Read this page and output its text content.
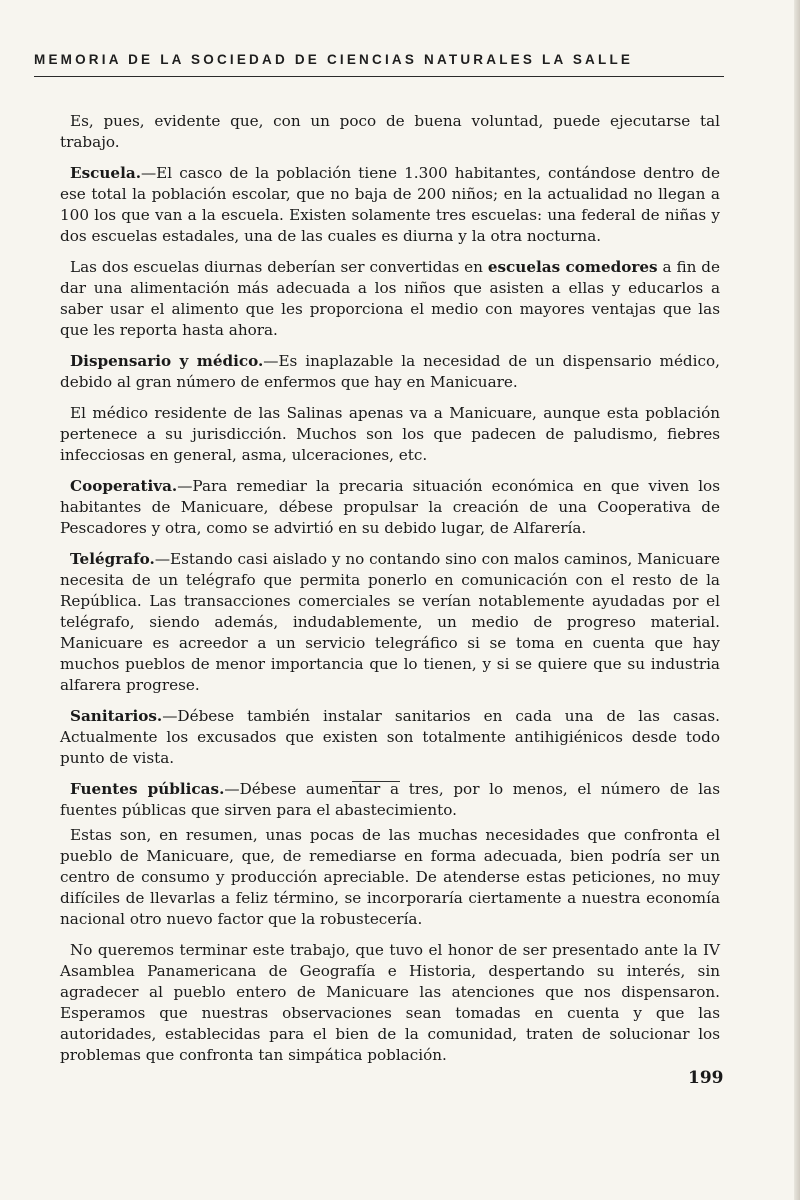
MEMORIA DE LA SOCIEDAD DE CIENCIAS NATURALES LA SALLE

Es, pues, evidente que, con un poco de buena voluntad, puede ejecutarse tal trabajo.

Escuela.—El casco de la población tiene 1.300 habitantes, contándose dentro de ese total la población escolar, que no baja de 200 niños; en la actualidad no llegan a 100 los que van a la escuela. Existen solamente tres escuelas: una federal de niñas y dos escuelas estadales, una de las cuales es diurna y la otra nocturna.

Las dos escuelas diurnas deberían ser convertidas en escuelas comedores a fin de dar una alimentación más adecuada a los niños que asisten a ellas y educarlos a saber usar el alimento que les proporciona el medio con mayores ventajas que las que les reporta hasta ahora.

Dispensario y médico.—Es inaplazable la necesidad de un dispensario médico, debido al gran número de enfermos que hay en Manicuare.

El médico residente de las Salinas apenas va a Manicuare, aunque esta población pertenece a su jurisdicción. Muchos son los que padecen de paludismo, fiebres infecciosas en general, asma, ulceraciones, etc.

Cooperativa.—Para remediar la precaria situación económica en que viven los habitantes de Manicuare, débese propulsar la creación de una Cooperativa de Pescadores y otra, como se advirtió en su debido lugar, de Alfarería.

Telégrafo.—Estando casi aislado y no contando sino con malos caminos, Manicuare necesita de un telégrafo que permita ponerlo en comunicación con el resto de la República. Las transacciones comerciales se verían notablemente ayudadas por el telégrafo, siendo además, indudablemente, un medio de progreso material. Manicuare es acreedor a un servicio telegráfico si se toma en cuenta que hay muchos pueblos de menor importancia que lo tienen, y si se quiere que su industria alfarera progrese.

Sanitarios.—Débese también instalar sanitarios en cada una de las casas. Actualmente los excusados que existen son totalmente antihigiénicos desde todo punto de vista.

Fuentes públicas.—Débese aumentar a tres, por lo menos, el número de las fuentes públicas que sirven para el abastecimiento.

Estas son, en resumen, unas pocas de las muchas necesidades que confronta el pueblo de Manicuare, que, de remediarse en forma adecuada, bien podría ser un centro de consumo y producción apreciable. De atenderse estas peticiones, no muy difíciles de llevarlas a feliz término, se incorporaría ciertamente a nuestra economía nacional otro nuevo factor que la robustecería.

No queremos terminar este trabajo, que tuvo el honor de ser presentado ante la IV Asamblea Panamericana de Geografía e Historia, despertando su interés, sin agradecer al pueblo entero de Manicuare las atenciones que nos dispensaron. Esperamos que nuestras observaciones sean tomadas en cuenta y que las autoridades, establecidas para el bien de la comunidad, traten de solucionar los problemas que confronta tan simpática población.

199
